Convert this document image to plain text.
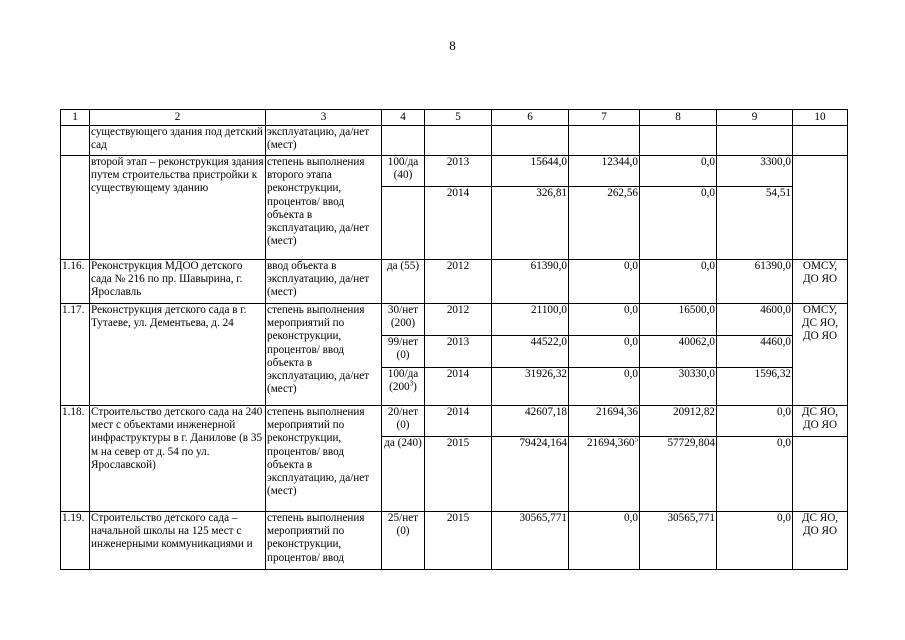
8
1	2	3	4	5	6	7	8	9	10
	существующего здания под детский сад	эксплуатацию, да/нет (мест)							
	второй этап – реконструкция здания путем строительства пристройки к существующему зданию	степень выполнения второго этапа реконструкции, процентов/ ввод объекта в эксплуатацию, да/нет (мест)	100/да (40)	2013	15644,0	12344,0	0,0	3300,0	
				2014	326,81	262,56	0,0	54,51	
1.16.	Реконструкция МДОО детского сада № 216 по пр. Шавырина, г. Ярославль	ввод объекта в эксплуатацию, да/нет (мест)	да (55)	2012	61390,0	0,0	0,0	61390,0	ОМСУ, ДО ЯО
1.17.	Реконструкция детского сада в г. Тутаеве, ул. Дементьева, д. 24	степень выполнения мероприятий по реконструкции, процентов/ ввод объекта в эксплуатацию, да/нет (мест)	30/нет (200)	2012	21100,0	0,0	16500,0	4600,0	ОМСУ, ДС ЯО, ДО ЯО
			99/нет (0)	2013	44522,0	0,0	40062,0	4460,0	
			100/да $(200^3)$	2014	31926,32	0,0	30330,0	1596,32	
1.18.	Строительство детского сада на 240 мест с объектами инженерной инфраструктуры в г. Данилове (в 35 м на север от д. 54 по ул. Ярославской)	степень выполнения мероприятий по реконструкции, процентов/ ввод объекта в эксплуатацию, да/нет (мест)	20/нет (0)	2014	42607,18	21694,36	20912,82	0,0	ДС ЯО, ДО ЯО
			да (240)	2015	79424,164	21694,360$^5$	57729,804	0,0	
1.19.	Строительство детского сада – начальной школы на 125 мест с инженерными коммуникациями и	степень выполнения мероприятий по реконструкции, процентов/ ввод	25/нет (0)	2015	30565,771	0,0	30565,771	0,0	ДС ЯО, ДО ЯО
